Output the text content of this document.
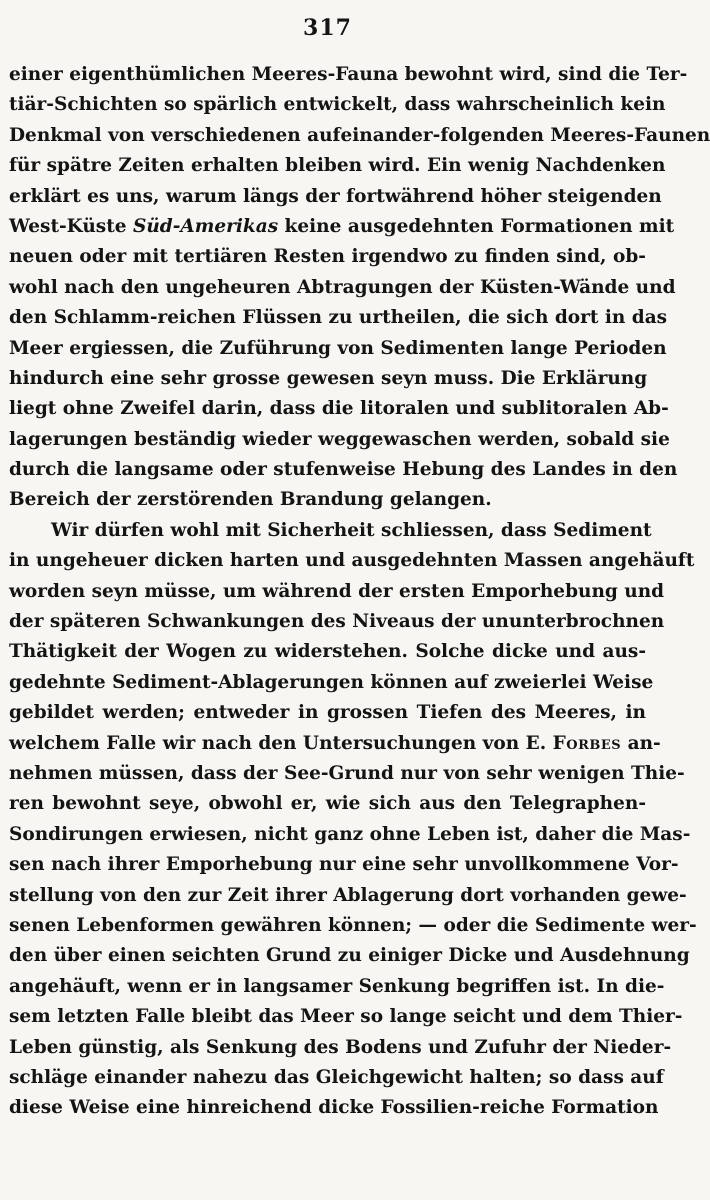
317
einer eigenthümlichen Meeres-Fauna bewohnt wird, sind die Ter-
tiär-Schichten so spärlich entwickelt, dass wahrscheinlich kein
Denkmal von verschiedenen aufeinander-folgenden Meeres-Faunen
für spätre Zeiten erhalten bleiben wird. Ein wenig Nachdenken
erklärt es uns, warum längs der fortwährend höher steigenden
West-Küste Süd-Amerikas keine ausgedehnten Formationen mit
neuen oder mit tertiären Resten irgendwo zu finden sind, ob-
wohl nach den ungeheuren Abtragungen der Küsten-Wände und
den Schlamm-reichen Flüssen zu urtheilen, die sich dort in das
Meer ergiessen, die Zuführung von Sedimenten lange Perioden
hindurch eine sehr grosse gewesen seyn muss. Die Erklärung
liegt ohne Zweifel darin, dass die litoralen und sublitoralen Ab-
lagerungen beständig wieder weggewaschen werden, sobald sie
durch die langsame oder stufenweise Hebung des Landes in den
Bereich der zerstörenden Brandung gelangen.
Wir dürfen wohl mit Sicherheit schliessen, dass Sediment
in ungeheuer dicken harten und ausgedehnten Massen angehäuft
worden seyn müsse, um während der ersten Emporhebung und
der späteren Schwankungen des Niveaus der ununterbrochnen
Thätigkeit der Wogen zu widerstehen. Solche dicke und aus-
gedehnte Sediment-Ablagerungen können auf zweierlei Weise
gebildet werden; entweder in grossen Tiefen des Meeres, in
welchem Falle wir nach den Untersuchungen von E. Forbes an-
nehmen müssen, dass der See-Grund nur von sehr wenigen Thie-
ren bewohnt seye, obwohl er, wie sich aus den Telegraphen-
Sondirungen erwiesen, nicht ganz ohne Leben ist, daher die Mas-
sen nach ihrer Emporhebung nur eine sehr unvollkommene Vor-
stellung von den zur Zeit ihrer Ablagerung dort vorhanden gewe-
senen Lebenformen gewähren können; — oder die Sedimente wer-
den über einen seichten Grund zu einiger Dicke und Ausdehnung
angehäuft, wenn er in langsamer Senkung begriffen ist. In die-
sem letzten Falle bleibt das Meer so lange seicht und dem Thier-
Leben günstig, als Senkung des Bodens und Zufuhr der Nieder-
schläge einander nahezu das Gleichgewicht halten; so dass auf
diese Weise eine hinreichend dicke Fossilien-reiche Formation
